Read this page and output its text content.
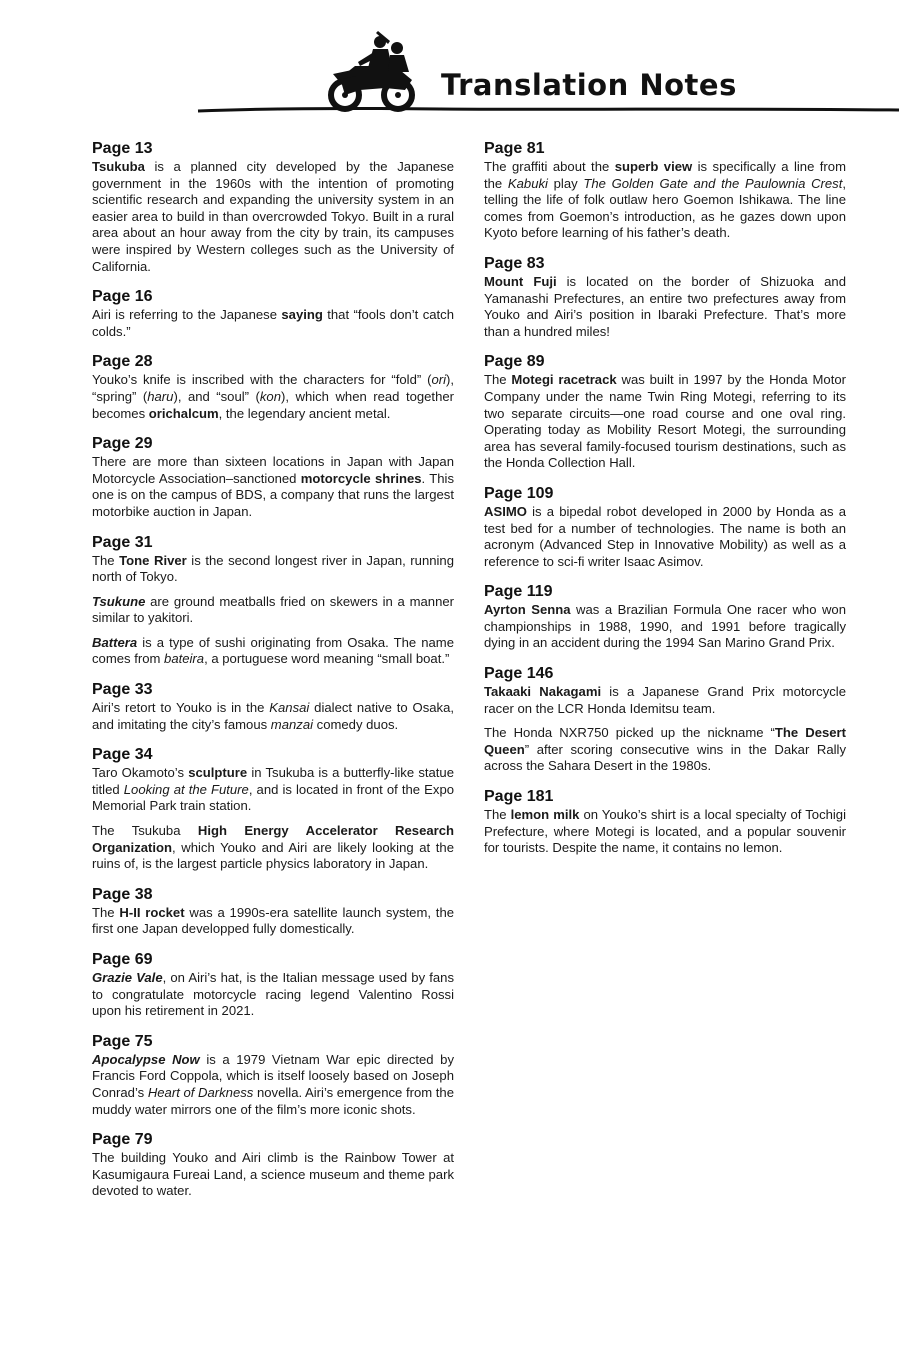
Translation Notes
Page 13
Tsukuba is a planned city developed by the Japanese government in the 1960s with the intention of promoting scientific research and expanding the university system in an easier area to build in than overcrowded Tokyo. Built in a rural area about an hour away from the city by train, its campuses were inspired by Western colleges such as the University of California.
Page 16
Airi is referring to the Japanese saying that “fools don’t catch colds.”
Page 28
Youko’s knife is inscribed with the characters for “fold” (ori), “spring” (haru), and “soul” (kon), which when read together becomes orichalcum, the legendary ancient metal.
Page 29
There are more than sixteen locations in Japan with Japan Motorcycle Association–sanctioned motorcycle shrines. This one is on the campus of BDS, a company that runs the largest motorbike auction in Japan.
Page 31
The Tone River is the second longest river in Japan, running north of Tokyo.
Tsukune are ground meatballs fried on skewers in a manner similar to yakitori.
Battera is a type of sushi originating from Osaka. The name comes from bateira, a portuguese word meaning “small boat.”
Page 33
Airi’s retort to Youko is in the Kansai dialect native to Osaka, and imitating the city’s famous manzai comedy duos.
Page 34
Taro Okamoto’s sculpture in Tsukuba is a butterfly-like statue titled Looking at the Future, and is located in front of the Expo Memorial Park train station.
The Tsukuba High Energy Accelerator Research Organization, which Youko and Airi are likely looking at the ruins of, is the largest particle physics laboratory in Japan.
Page 38
The H-II rocket was a 1990s-era satellite launch system, the first one Japan developped fully domestically.
Page 69
Grazie Vale, on Airi’s hat, is the Italian message used by fans to congratulate motorcycle racing legend Valentino Rossi upon his retirement in 2021.
Page 75
Apocalypse Now is a 1979 Vietnam War epic directed by Francis Ford Coppola, which is itself loosely based on Joseph Conrad’s Heart of Darkness novella. Airi’s emergence from the muddy water mirrors one of the film’s more iconic shots.
Page 79
The building Youko and Airi climb is the Rainbow Tower at Kasumigaura Fureai Land, a science museum and theme park devoted to water.
Page 81
The graffiti about the superb view is specifically a line from the Kabuki play The Golden Gate and the Paulownia Crest, telling the life of folk outlaw hero Goemon Ishikawa. The line comes from Goemon’s introduction, as he gazes down upon Kyoto before learning of his father’s death.
Page 83
Mount Fuji is located on the border of Shizuoka and Yamanashi Prefectures, an entire two prefectures away from Youko and Airi’s position in Ibaraki Prefecture. That’s more than a hundred miles!
Page 89
The Motegi racetrack was built in 1997 by the Honda Motor Company under the name Twin Ring Motegi, referring to its two separate circuits—one road course and one oval ring. Operating today as Mobility Resort Motegi, the surrounding area has several family-focused tourism destinations, such as the Honda Collection Hall.
Page 109
ASIMO is a bipedal robot developed in 2000 by Honda as a test bed for a number of technologies. The name is both an acronym (Advanced Step in Innovative Mobility) as well as a reference to sci-fi writer Isaac Asimov.
Page 119
Ayrton Senna was a Brazilian Formula One racer who won championships in 1988, 1990, and 1991 before tragically dying in an accident during the 1994 San Marino Grand Prix.
Page 146
Takaaki Nakagami is a Japanese Grand Prix motorcycle racer on the LCR Honda Idemitsu team.
The Honda NXR750 picked up the nickname “The Desert Queen” after scoring consecutive wins in the Dakar Rally across the Sahara Desert in the 1980s.
Page 181
The lemon milk on Youko’s shirt is a local specialty of Tochigi Prefecture, where Motegi is located, and a popular souvenir for tourists. Despite the name, it contains no lemon.
